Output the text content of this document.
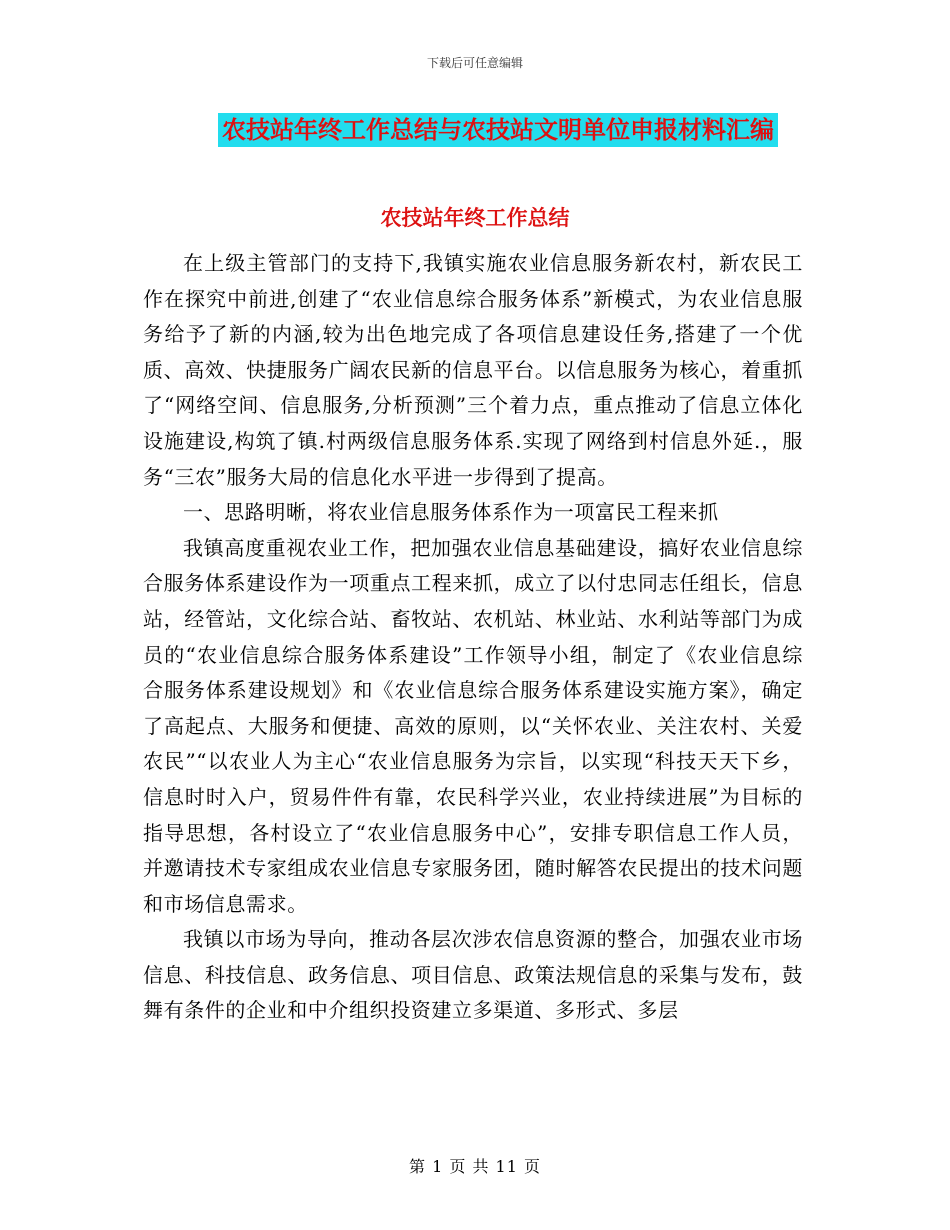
下载后可任意编辑
农技站年终工作总结与农技站文明单位申报材料汇编
农技站年终工作总结

在上级主管部门的支持下,我镇实施农业信息服务新农村，新农民工作在探究中前进,创建了“农业信息综合服务体系”新模式，为农业信息服务给予了新的内涵,较为出色地完成了各项信息建设任务,搭建了一个优质、高效、快捷服务广阔农民新的信息平台。以信息服务为核心，着重抓了“网络空间、信息服务,分析预测”三个着力点，重点推动了信息立体化设施建设,构筑了镇.村两级信息服务体系.实现了网络到村信息外延.，服务“三农”服务大局的信息化水平进一步得到了提高。

一、思路明晰，将农业信息服务体系作为一项富民工程来抓

我镇高度重视农业工作，把加强农业信息基础建设，搞好农业信息综合服务体系建设作为一项重点工程来抓，成立了以付忠同志任组长，信息站，经管站，文化综合站、畜牧站、农机站、林业站、水利站等部门为成员的“农业信息综合服务体系建设”工作领导小组，制定了《农业信息综合服务体系建设规划》和《农业信息综合服务体系建设实施方案》，确定了高起点、大服务和便捷、高效的原则，以“关怀农业、关注农村、关爱农民”“以农业人为主心“农业信息服务为宗旨，以实现“科技天天下乡，信息时时入户，贸易件件有靠，农民科学兴业，农业持续进展”为目标的指导思想，各村设立了“农业信息服务中心”，安排专职信息工作人员，并邀请技术专家组成农业信息专家服务团，随时解答农民提出的技术问题和市场信息需求。

我镇以市场为导向，推动各层次涉农信息资源的整合，加强农业市场信息、科技信息、政务信息、项目信息、政策法规信息的采集与发布，鼓舞有条件的企业和中介组织投资建立多渠道、多形式、多层

第 1 页 共 11 页
